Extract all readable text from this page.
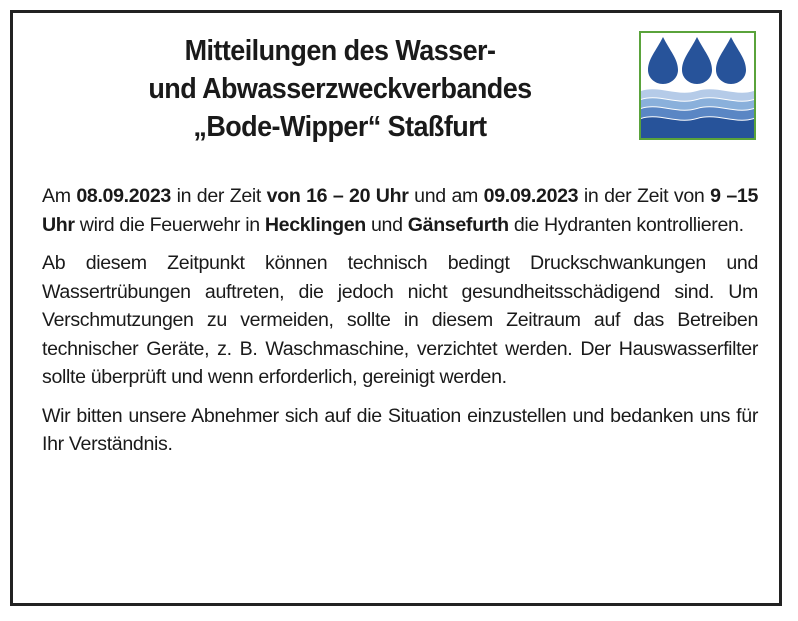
Mitteilungen des Wasser-
und Abwasserzweckverbandes
„Bode-Wipper“ Staßfurt

Am 08.09.2023 in der Zeit von 16 – 20 Uhr und am 09.09.2023 in der Zeit von 9 –15 Uhr wird die Feuerwehr in Hecklingen und Gänsefurth die Hydranten kontrollieren.

Ab diesem Zeitpunkt können technisch bedingt Druckschwankungen und Wassertrübungen auftreten, die jedoch nicht gesundheitsschädigend sind. Um Verschmutzungen zu vermeiden, sollte in diesem Zeitraum auf das Betreiben technischer Geräte, z. B. Waschmaschine, verzichtet werden. Der Hauswasserfilter sollte überprüft und wenn erforderlich, gereinigt werden.

Wir bitten unsere Abnehmer sich auf die Situation einzustellen und bedanken uns für Ihr Verständnis.
